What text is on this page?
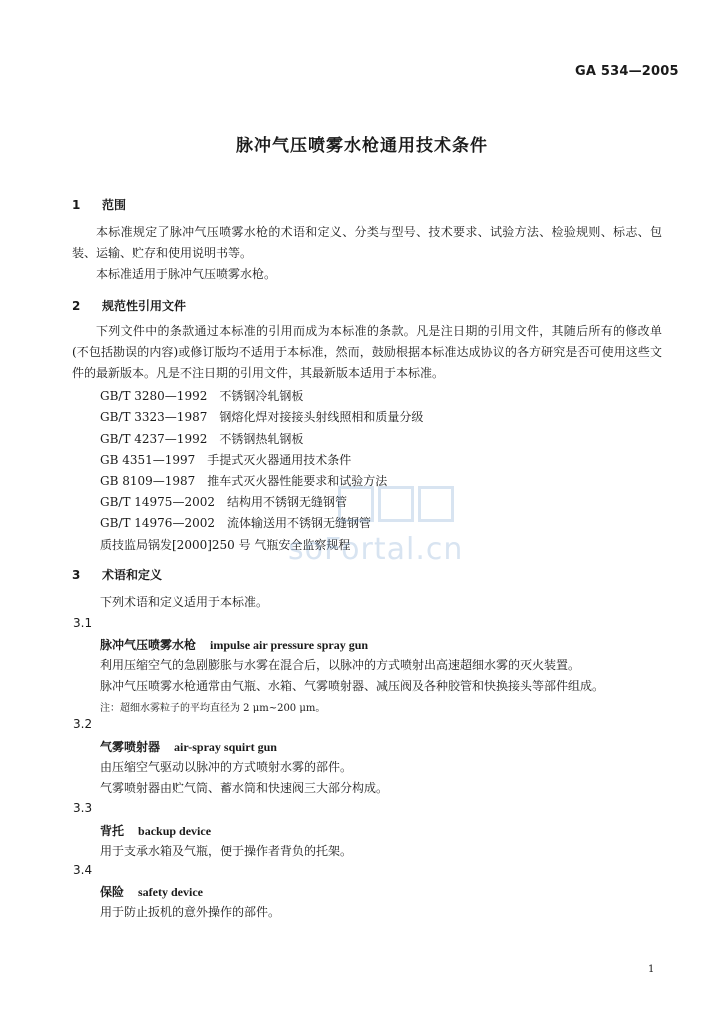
GA 534—2005
脉冲气压喷雾水枪通用技术条件
1 范围
本标准规定了脉冲气压喷雾水枪的术语和定义、分类与型号、技术要求、试验方法、检验规则、标志、包装、运输、贮存和使用说明书等。
本标准适用于脉冲气压喷雾水枪。
2 规范性引用文件
下列文件中的条款通过本标准的引用而成为本标准的条款。凡是注日期的引用文件，其随后所有的修改单(不包括勘误的内容)或修订版均不适用于本标准，然而，鼓励根据本标准达成协议的各方研究是否可使用这些文件的最新版本。凡是不注日期的引用文件，其最新版本适用于本标准。
GB/T 3280—1992　不锈钢冷轧钢板
GB/T 3323—1987　钢熔化焊对接接头射线照相和质量分级
GB/T 4237—1992　不锈钢热轧钢板
GB 4351—1997　手提式灭火器通用技术条件
GB 8109—1987　推车式灭火器性能要求和试验方法
GB/T 14975—2002　结构用不锈钢无缝钢管
GB/T 14976—2002　流体输送用不锈钢无缝钢管
质技监局锅发[2000]250 号 气瓶安全监察规程
3 术语和定义
下列术语和定义适用于本标准。
3.1
脉冲气压喷雾水枪 impulse air pressure spray gun
利用压缩空气的急剧膨胀与水雾在混合后，以脉冲的方式喷射出高速超细水雾的灭火装置。
脉冲气压喷雾水枪通常由气瓶、水箱、气雾喷射器、减压阀及各种胶管和快换接头等部件组成。
注：超细水雾粒子的平均直径为 2 μm~200 μm。
3.2
气雾喷射器 air-spray squirt gun
由压缩空气驱动以脉冲的方式喷射水雾的部件。
气雾喷射器由贮气筒、蓄水筒和快速阀三大部分构成。
3.3
背托 backup device
用于支承水箱及气瓶，便于操作者背负的托架。
3.4
保险 safety device
用于防止扳机的意外操作的部件。
soFortal.cn
1
